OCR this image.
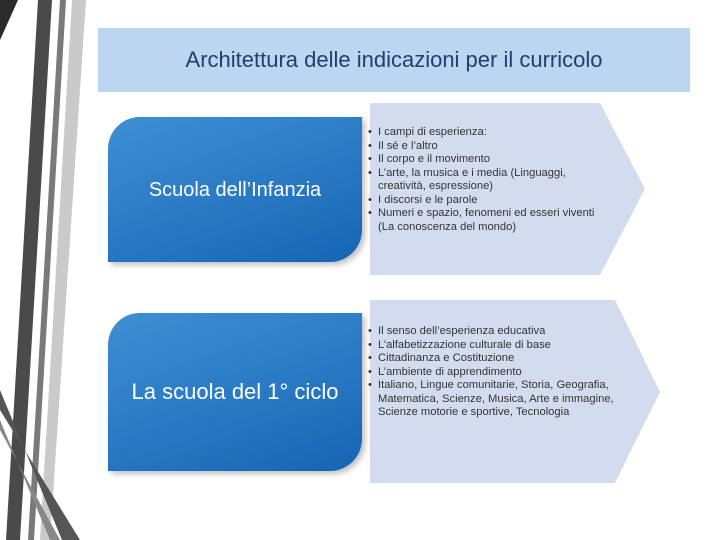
Architettura delle indicazioni per il curricolo
Scuola dell’Infanzia
• I campi di esperienza:
• Il sé e l’altro
• Il corpo e il movimento
• L’arte, la musica e i media (Linguaggi, creatività, espressione)
• I discorsi e le parole
• Numeri e spazio, fenomeni ed esseri viventi (La conoscenza del mondo)
La scuola del 1° ciclo
• Il senso dell’esperienza educativa
• L’alfabetizzazione culturale di base
• Cittadinanza e Costituzione
• L’ambiente di apprendimento
• Italiano, Lingue comunitarie, Storia, Geografia, Matematica, Scienze, Musica, Arte e immagine, Scienze motorie e sportive, Tecnologia
